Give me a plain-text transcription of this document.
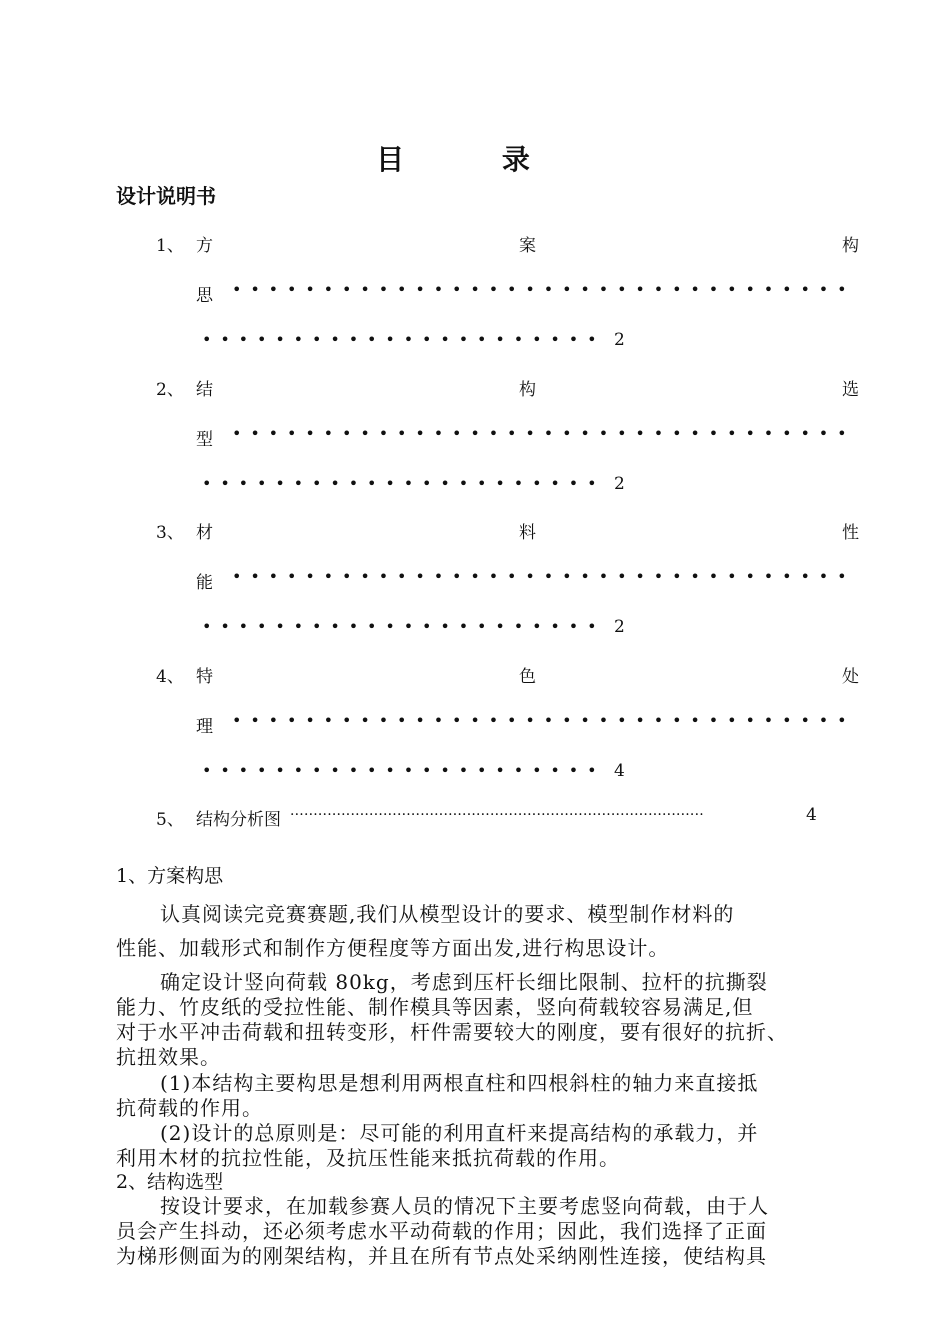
目 录
设计说明书
1、 方	案	构
思 ••••••••••••••••••••••••••••••••••
•••••••••••••••••••••• 2
2、 结	构	选
型 ••••••••••••••••••••••••••••••••••
•••••••••••••••••••••• 2
3、 材	料	性
能 ••••••••••••••••••••••••••••••••••
•••••••••••••••••••••• 2
4、 特	色	处
理 ••••••••••••••••••••••••••••••••••
•••••••••••••••••••••• 4
5、 结构分析图 ·························································································	4
1、方案构思
认真阅读完竞赛赛题,我们从模型设计的要求、模型制作材料的
性能、加载形式和制作方便程度等方面出发,进行构思设计。
确定设计竖向荷载 80kg，考虑到压杆长细比限制、拉杆的抗撕裂
能力、竹皮纸的受拉性能、制作模具等因素，竖向荷载较容易满足,但
对于水平冲击荷载和扭转变形，杆件需要较大的刚度，要有很好的抗折、
抗扭效果。
(1)本结构主要构思是想利用两根直柱和四根斜柱的轴力来直接抵
抗荷载的作用。
(2)设计的总原则是：尽可能的利用直杆来提高结构的承载力，并
利用木材的抗拉性能，及抗压性能来抵抗荷载的作用。
2、结构选型
按设计要求，在加载参赛人员的情况下主要考虑竖向荷载，由于人
员会产生抖动，还必须考虑水平动荷载的作用；因此，我们选择了正面
为梯形侧面为的刚架结构，并且在所有节点处采纳刚性连接，使结构具
